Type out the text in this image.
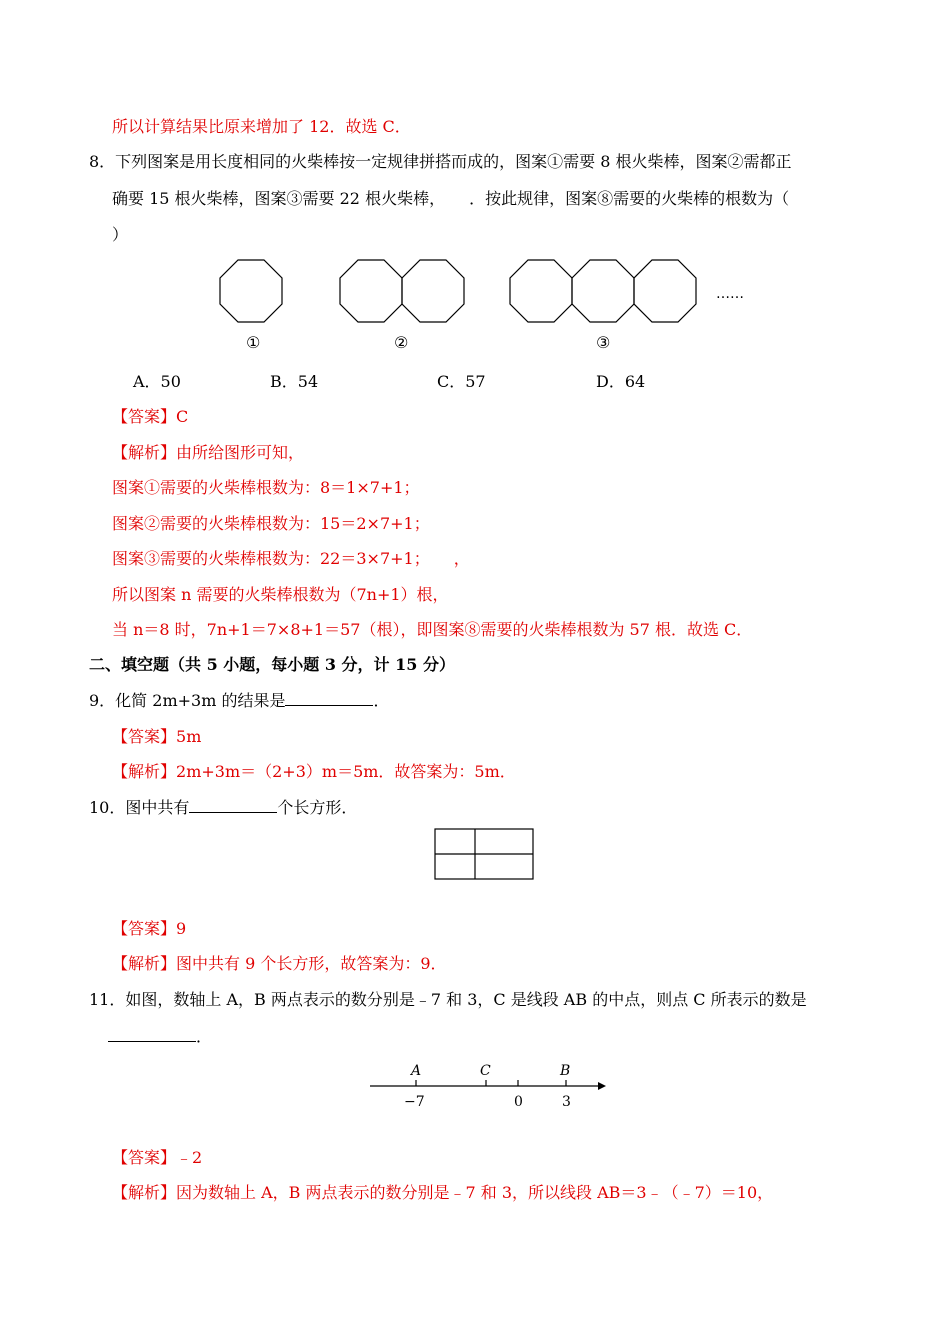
所以计算结果比原来增加了 12．故选 C．
8．下列图案是用长度相同的火柴棒按一定规律拼搭而成的，图案①需要 8 根火柴棒，图案②需都正
确要 15 根火柴棒，图案③需要 22 根火柴棒，　　．按此规律，图案⑧需要的火柴棒的根数为（
）
①	②	③
……
A．50	B．54	C．57	D．64
【答案】C
【解析】由所给图形可知，
图案①需要的火柴棒根数为：8＝1×7+1；
图案②需要的火柴棒根数为：15＝2×7+1；
图案③需要的火柴棒根数为：22＝3×7+1；　　，
所以图案 n 需要的火柴棒根数为（7n+1）根，
当 n＝8 时，7n+1＝7×8+1＝57（根），即图案⑧需要的火柴棒根数为 57 根．故选 C．
二、填空题（共 5 小题，每小题 3 分，计 15 分）
9．化简 2m+3m 的结果是	．
【答案】5m
【解析】2m+3m＝（2+3）m＝5m．故答案为：5m．
10．图中共有	个长方形．
【答案】9
【解析】图中共有 9 个长方形，故答案为：9．
11．如图，数轴上 A，B 两点表示的数分别是﹣7 和 3，C 是线段 AB 的中点，则点 C 所表示的数是
．
A	C	B
−7	0	3
【答案】﹣2
【解析】因为数轴上 A，B 两点表示的数分别是﹣7 和 3，所以线段 AB＝3﹣（﹣7）＝10，
